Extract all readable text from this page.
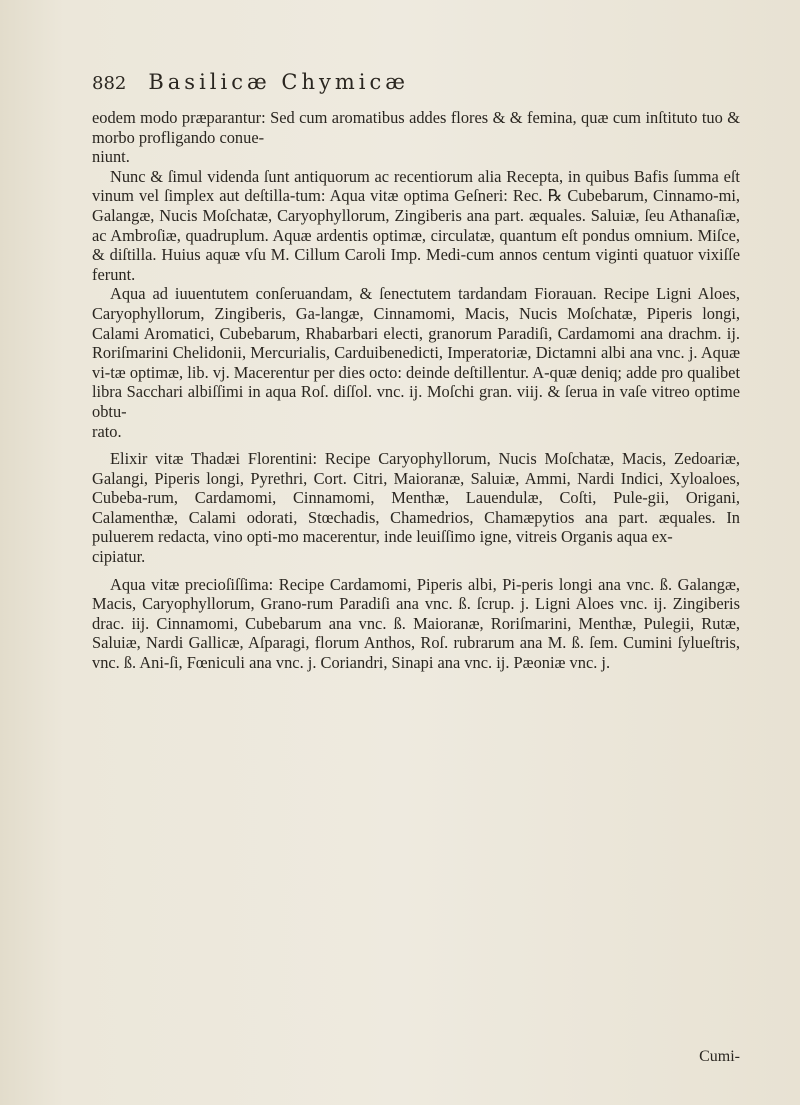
882 Basilicæ Chymicæ

eodem modo præparantur: Sed cum aromatibus addes flores & & femina, quæ cum inſtituto tuo & morbo profligando conue-

niunt.

Nunc & ſimul videnda ſunt antiquorum ac recentiorum alia Recepta, in quibus Bafis ſumma eſt vinum vel ſimplex aut deſtilla-tum: Aqua vitæ optima Geſneri: Rec. ℞ Cubebarum, Cinnamo-mi, Galangæ, Nucis Moſchatæ, Caryophyllorum, Zingiberis ana part. æquales. Saluiæ, ſeu Athanaſiæ, ac Ambroſiæ, quadruplum. Aquæ ardentis optimæ, circulatæ, quantum eſt pondus omnium. Miſce, & diſtilla. Huius aquæ vſu M. Cillum Caroli Imp. Medi-cum annos centum viginti quatuor vixiſſe ferunt.

Aqua ad iuuentutem conſeruandam, & ſenectutem tardandam Fiorauan. Recipe Ligni Aloes, Caryophyllorum, Zingiberis, Ga-langæ, Cinnamomi, Macis, Nucis Moſchatæ, Piperis longi, Calami Aromatici, Cubebarum, Rhabarbari electi, granorum Paradiſi, Cardamomi ana drachm. ij. Roriſmarini Chelidonii, Mercurialis, Carduibenedicti, Imperatoriæ, Dictamni albi ana vnc. j. Aquæ vi-tæ optimæ, lib. vj. Macerentur per dies octo: deinde deſtillentur. A-quæ deniq; adde pro qualibet libra Sacchari albiſſimi in aqua Roſ. diſſol. vnc. ij. Moſchi gran. viij. & ſerua in vaſe vitreo optime obtu-

rato.

Elixir vitæ Thadæi Florentini: Recipe Caryophyllorum, Nucis Moſchatæ, Macis, Zedoariæ, Galangi, Piperis longi, Pyrethri, Cort. Citri, Maioranæ, Saluiæ, Ammi, Nardi Indici, Xyloaloes, Cubeba-rum, Cardamomi, Cinnamomi, Menthæ, Lauendulæ, Coſti, Pule-gii, Origani, Calamenthæ, Calami odorati, Stœchadis, Chamedrios, Chamæpytios ana part. æquales. In puluerem redacta, vino opti-mo macerentur, inde leuiſſimo igne, vitreis Organis aqua ex-

cipiatur.

Aqua vitæ precioſiſſima: Recipe Cardamomi, Piperis albi, Pi-peris longi ana vnc. ß. Galangæ, Macis, Caryophyllorum, Grano-rum Paradiſi ana vnc. ß. ſcrup. j. Ligni Aloes vnc. ij. Zingiberis drac. iij. Cinnamomi, Cubebarum ana vnc. ß. Maioranæ, Roriſmarini, Menthæ, Pulegii, Rutæ, Saluiæ, Nardi Gallicæ, Aſparagi, florum Anthos, Roſ. rubrarum ana M. ß. ſem. Cumini ſylueſtris, vnc. ß. Ani-ſi, Fœniculi ana vnc. j. Coriandri, Sinapi ana vnc. ij. Pæoniæ vnc. j.

Cumi-
